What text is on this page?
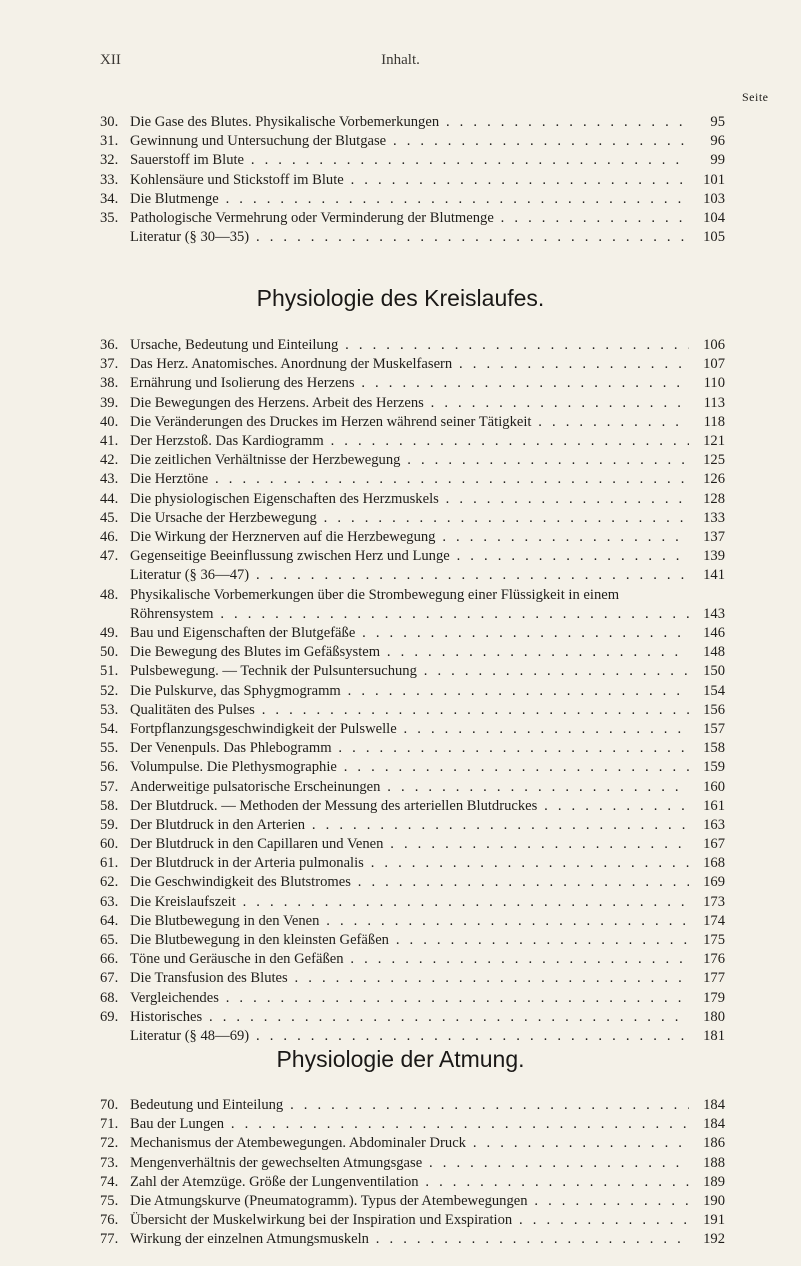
XII	Inhalt.
Seite
30. Die Gase des Blutes. Physikalische Vorbemerkungen . . .	95
31. Gewinnung und Untersuchung der Blutgase . . .	96
32. Sauerstoff im Blute . . .	99
33. Kohlensäure und Stickstoff im Blute . . .	101
34. Die Blutmenge . . .	103
35. Pathologische Vermehrung oder Verminderung der Blutmenge . . .	104
Literatur (§ 30—35) . . .	105
Physiologie des Kreislaufes.
36. Ursache, Bedeutung und Einteilung . . .	106
37. Das Herz. Anatomisches. Anordnung der Muskelfasern . . .	107
38. Ernährung und Isolierung des Herzens . . .	110
39. Die Bewegungen des Herzens. Arbeit des Herzens . . .	113
40. Die Veränderungen des Druckes im Herzen während seiner Tätigkeit . . .	118
41. Der Herzstoß. Das Kardiogramm . . .	121
42. Die zeitlichen Verhältnisse der Herzbewegung . . .	125
43. Die Herztöne . . .	126
44. Die physiologischen Eigenschaften des Herzmuskels . . .	128
45. Die Ursache der Herzbewegung . . .	133
46. Die Wirkung der Herznerven auf die Herzbewegung . . .	137
47. Gegenseitige Beeinflussung zwischen Herz und Lunge . . .	139
Literatur (§ 36—47) . . .	141
48. Physikalische Vorbemerkungen über die Strombewegung einer Flüssigkeit in einem
Röhrensystem . . .	143
49. Bau und Eigenschaften der Blutgefäße . . .	146
50. Die Bewegung des Blutes im Gefäßsystem . . .	148
51. Pulsbewegung. — Technik der Pulsuntersuchung . . .	150
52. Die Pulskurve, das Sphygmogramm . . .	154
53. Qualitäten des Pulses . . .	156
54. Fortpflanzungsgeschwindigkeit der Pulswelle . . .	157
55. Der Venenpuls. Das Phlebogramm . . .	158
56. Volumpulse. Die Plethysmographie . . .	159
57. Anderweitige pulsatorische Erscheinungen . . .	160
58. Der Blutdruck. — Methoden der Messung des arteriellen Blutdruckes . . .	161
59. Der Blutdruck in den Arterien . . .	163
60. Der Blutdruck in den Capillaren und Venen . . .	167
61. Der Blutdruck in der Arteria pulmonalis . . .	168
62. Die Geschwindigkeit des Blutstromes . . .	169
63. Die Kreislaufszeit . . .	173
64. Die Blutbewegung in den Venen . . .	174
65. Die Blutbewegung in den kleinsten Gefäßen . . .	175
66. Töne und Geräusche in den Gefäßen . . .	176
67. Die Transfusion des Blutes . . .	177
68. Vergleichendes . . .	179
69. Historisches . . .	180
Literatur (§ 48—69) . . .	181
Physiologie der Atmung.
70. Bedeutung und Einteilung . . .	184
71. Bau der Lungen . . .	184
72. Mechanismus der Atembewegungen. Abdominaler Druck . . .	186
73. Mengenverhältnis der gewechselten Atmungsgase . . .	188
74. Zahl der Atemzüge. Größe der Lungenventilation . . .	189
75. Die Atmungskurve (Pneumatogramm). Typus der Atembewegungen . . .	190
76. Übersicht der Muskelwirkung bei der Inspiration und Exspiration . . .	191
77. Wirkung der einzelnen Atmungsmuskeln . . .	192
